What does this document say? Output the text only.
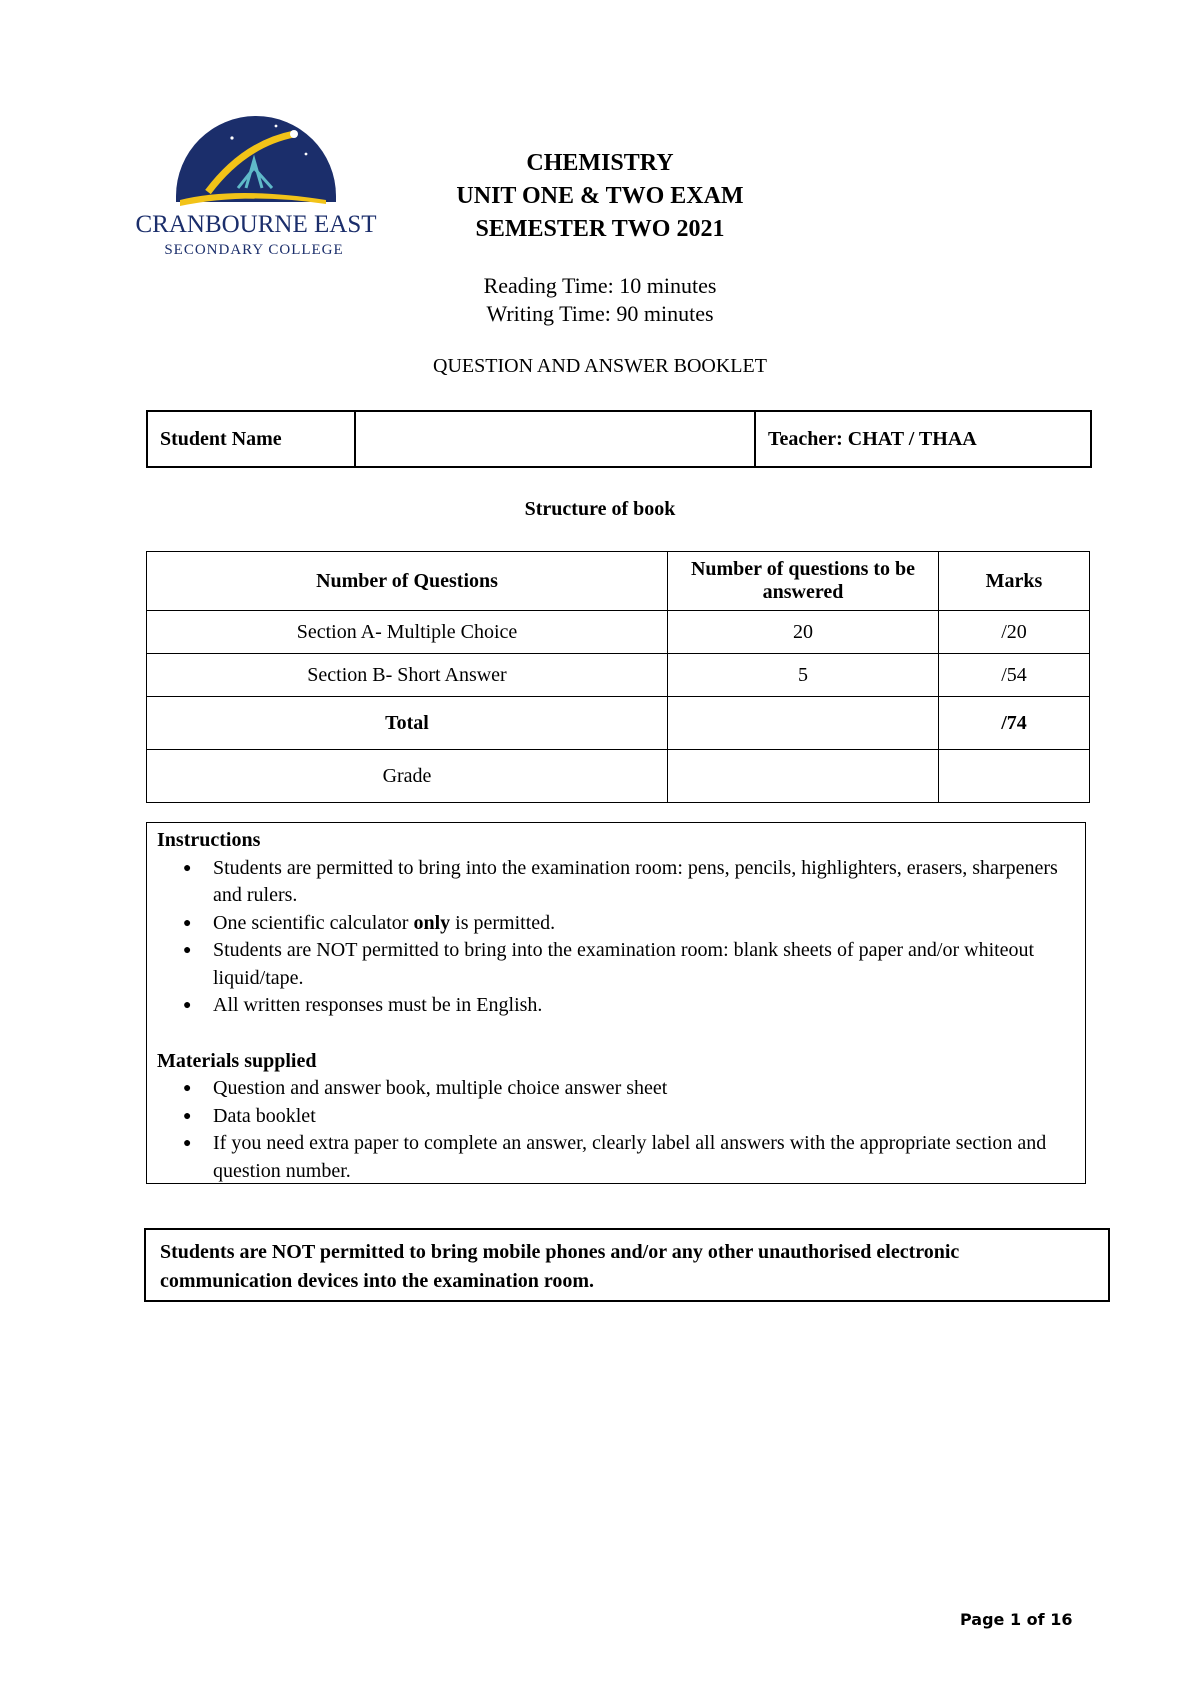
CRANBOURNE EAST
SECONDARY COLLEGE
CHEMISTRY
UNIT ONE & TWO EXAM
SEMESTER TWO 2021
Reading Time: 10 minutes
Writing Time: 90 minutes
QUESTION AND ANSWER BOOKLET
Student Name		Teacher: CHAT / THAA
Structure of book
Number of Questions	Number of questions to be answered	Marks
Section A- Multiple Choice	20	/20
Section B- Short Answer	5	/54
Total		/74
Grade		
Instructions
● Students are permitted to bring into the examination room: pens, pencils, highlighters, erasers, sharpeners and rulers.
● One scientific calculator only is permitted.
● Students are NOT permitted to bring into the examination room: blank sheets of paper and/or whiteout liquid/tape.
● All written responses must be in English.
Materials supplied
● Question and answer book, multiple choice answer sheet
● Data booklet
● If you need extra paper to complete an answer, clearly label all answers with the appropriate section and question number.
Students are NOT permitted to bring mobile phones and/or any other unauthorised electronic communication devices into the examination room.
Page 1 of 16
